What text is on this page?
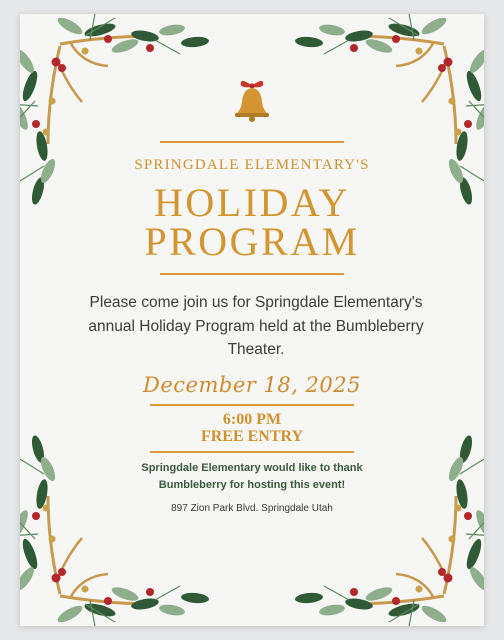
SPRINGDALE ELEMENTARY'S
HOLIDAY
PROGRAM
Please come join us for Springdale Elementary's annual Holiday Program held at the Bumbleberry Theater.
December 18, 2025
6:00 PM
FREE ENTRY
Springdale Elementary would like to thank Bumbleberry for hosting this event!
897 Zion Park Blvd. Springdale Utah
